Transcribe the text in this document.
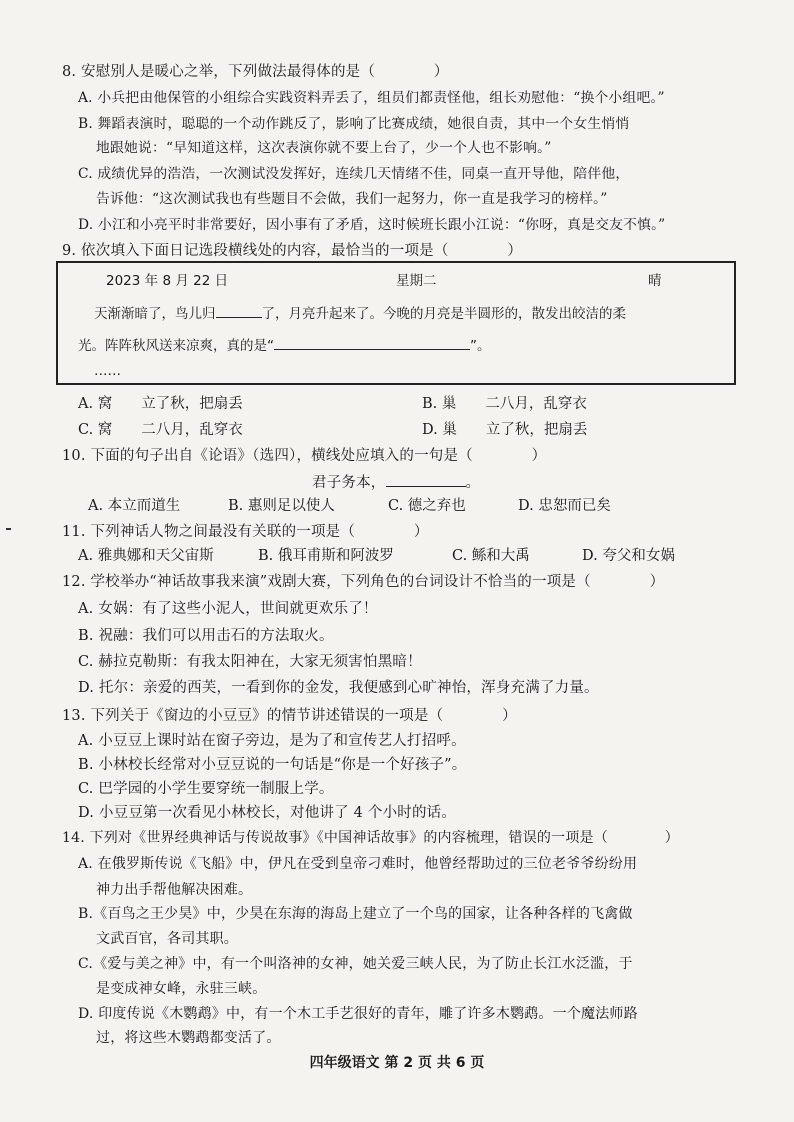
8. 安慰别人是暖心之举，下列做法最得体的是（　　　　）
A. 小兵把由他保管的小组综合实践资料弄丢了，组员们都责怪他，组长劝慰他：“换个小组吧。”
B. 舞蹈表演时，聪聪的一个动作跳反了，影响了比赛成绩，她很自责，其中一个女生悄悄
地跟她说：“早知道这样，这次表演你就不要上台了，少一个人也不影响。”
C. 成绩优异的浩浩，一次测试没发挥好，连续几天情绪不佳，同桌一直开导他，陪伴他，
告诉他：“这次测试我也有些题目不会做，我们一起努力，你一直是我学习的榜样。”
D. 小江和小亮平时非常要好，因小事有了矛盾，这时候班长跟小江说：“你呀，真是交友不慎。”
9. 依次填入下面日记选段横线处的内容，最恰当的一项是（　　　　）
2023 年 8 月 22 日	星期二	晴
天渐渐暗了，鸟儿归	了，月亮升起来了。今晚的月亮是半圆形的，散发出皎洁的柔
光。阵阵秋风送来凉爽，真的是“	”。
……
A. 窝　　立了秋，把扇丢	B. 巢　　二八月，乱穿衣
C. 窝　　二八月，乱穿衣	D. 巢　　立了秋，把扇丢
10. 下面的句子出自《论语》（选四），横线处应填入的一句是（　　　　）
君子务本，	。
A. 本立而道生	B. 惠则足以使人	C. 德之弃也	D. 忠恕而已矣
11. 下列神话人物之间最没有关联的一项是（　　　　）
A. 雅典娜和天父宙斯	B. 俄耳甫斯和阿波罗	C. 鲧和大禹	D. 夸父和女娲
12. 学校举办“神话故事我来演”戏剧大赛，下列角色的台词设计不恰当的一项是（　　　　）
A. 女娲：有了这些小泥人，世间就更欢乐了！
B. 祝融：我们可以用击石的方法取火。
C. 赫拉克勒斯：有我太阳神在，大家无须害怕黑暗！
D. 托尔：亲爱的西芙，一看到你的金发，我便感到心旷神怡，浑身充满了力量。
13. 下列关于《窗边的小豆豆》的情节讲述错误的一项是（　　　　）
A. 小豆豆上课时站在窗子旁边，是为了和宣传艺人打招呼。
B. 小林校长经常对小豆豆说的一句话是“你是一个好孩子”。
C. 巴学园的小学生要穿统一制服上学。
D. 小豆豆第一次看见小林校长，对他讲了 4 个小时的话。
14. 下列对《世界经典神话与传说故事》《中国神话故事》的内容梳理，错误的一项是（　　　　）
A. 在俄罗斯传说《飞船》中，伊凡在受到皇帝刁难时，他曾经帮助过的三位老爷爷纷纷用
神力出手帮他解决困难。
B.《百鸟之王少昊》中，少昊在东海的海岛上建立了一个鸟的国家，让各种各样的飞禽做
文武百官，各司其职。
C.《爱与美之神》中，有一个叫洛神的女神，她关爱三峡人民，为了防止长江水泛滥，于
是变成神女峰，永驻三峡。
D. 印度传说《木鹦鹉》中，有一个木工手艺很好的青年，雕了许多木鹦鹉。一个魔法师路
过，将这些木鹦鹉都变活了。
四年级语文 第 2 页 共 6 页
